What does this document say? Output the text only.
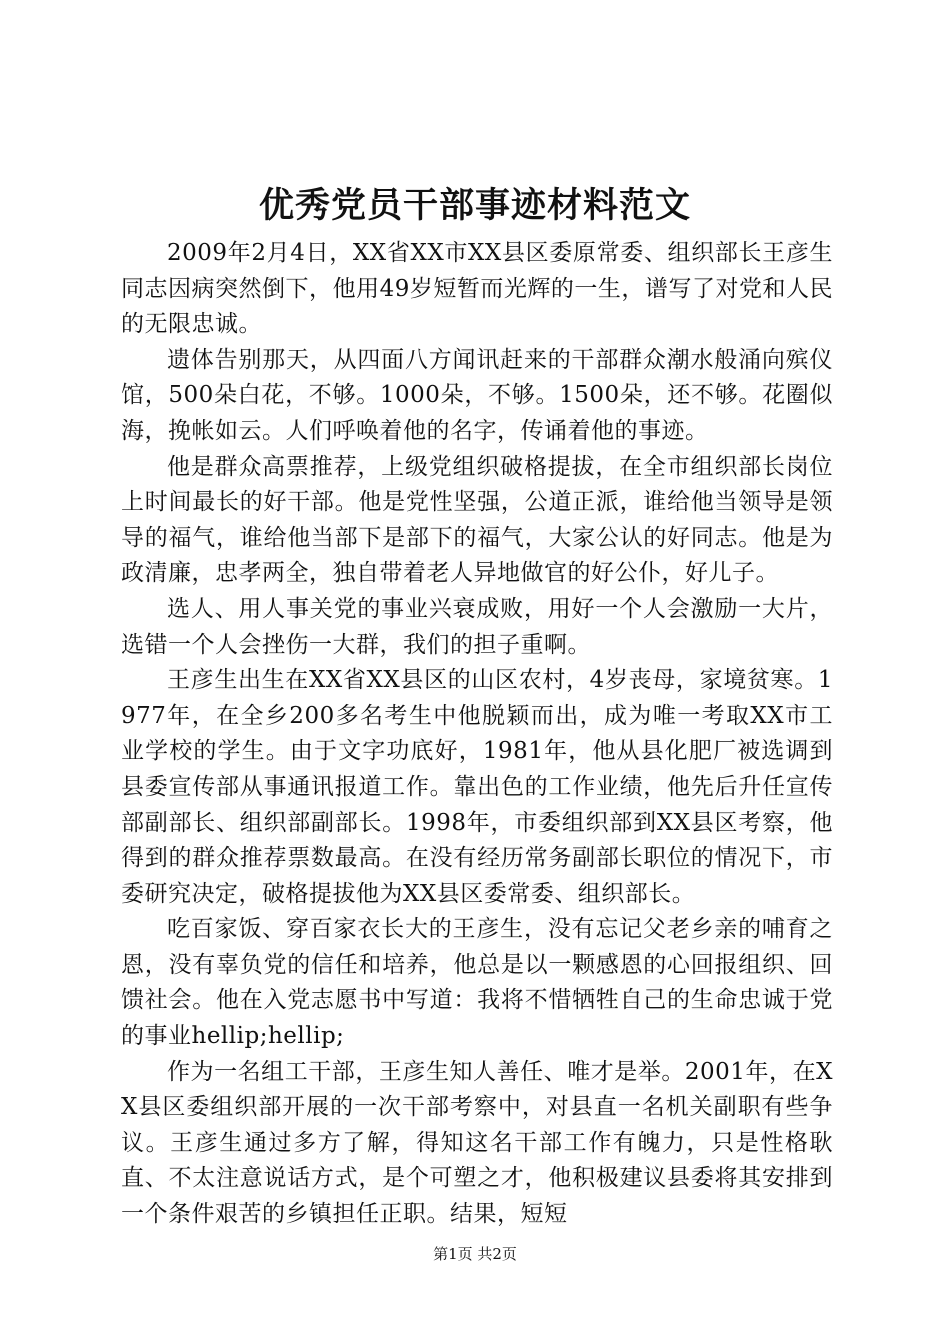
优秀党员干部事迹材料范文

2009年2月4日，XX省XX市XX县区委原常委、组织部长王彦生同志因病突然倒下，他用49岁短暂而光辉的一生，谱写了对党和人民的无限忠诚。

遗体告别那天，从四面八方闻讯赶来的干部群众潮水般涌向殡仪馆，500朵白花，不够。1000朵，不够。1500朵，还不够。花圈似海，挽帐如云。人们呼唤着他的名字，传诵着他的事迹。

他是群众高票推荐，上级党组织破格提拔，在全市组织部长岗位上时间最长的好干部。他是党性坚强，公道正派，谁给他当领导是领导的福气，谁给他当部下是部下的福气，大家公认的好同志。他是为政清廉，忠孝两全，独自带着老人异地做官的好公仆，好儿子。

选人、用人事关党的事业兴衰成败，用好一个人会激励一大片，选错一个人会挫伤一大群，我们的担子重啊。

王彦生出生在XX省XX县区的山区农村，4岁丧母，家境贫寒。1977年，在全乡200多名考生中他脱颖而出，成为唯一考取XX市工业学校的学生。由于文字功底好，1981年，他从县化肥厂被选调到县委宣传部从事通讯报道工作。靠出色的工作业绩，他先后升任宣传部副部长、组织部副部长。1998年，市委组织部到XX县区考察，他得到的群众推荐票数最高。在没有经历常务副部长职位的情况下，市委研究决定，破格提拔他为XX县区委常委、组织部长。

吃百家饭、穿百家衣长大的王彦生，没有忘记父老乡亲的哺育之恩，没有辜负党的信任和培养，他总是以一颗感恩的心回报组织、回馈社会。他在入党志愿书中写道：我将不惜牺牲自己的生命忠诚于党的事业hellip;hellip;

作为一名组工干部，王彦生知人善任、唯才是举。2001年，在XX县区委组织部开展的一次干部考察中，对县直一名机关副职有些争议。王彦生通过多方了解，得知这名干部工作有魄力，只是性格耿直、不太注意说话方式，是个可塑之才，他积极建议县委将其安排到一个条件艰苦的乡镇担任正职。结果，短短

第1页 共2页
